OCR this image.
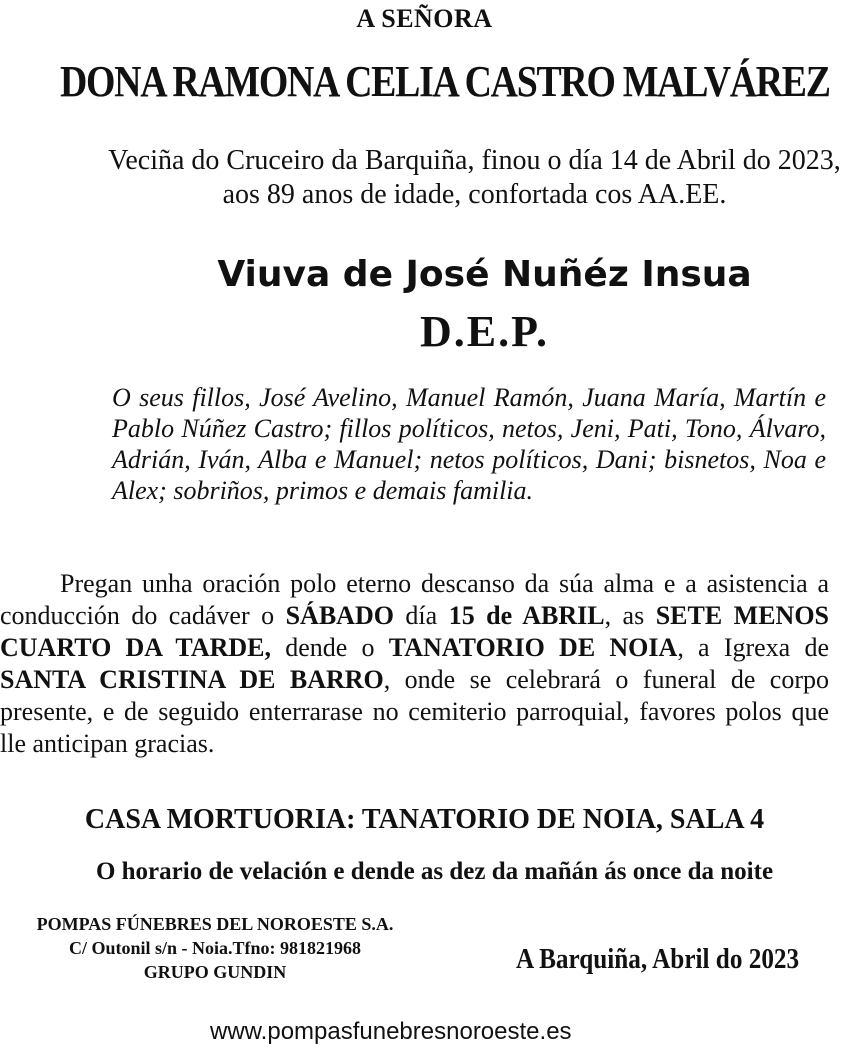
A SEÑORA
DONA RAMONA CELIA CASTRO MALVÁREZ
Veciña do Cruceiro da Barquiña, finou o día 14 de Abril do 2023,
aos 89 anos de idade, confortada cos AA.EE.
Viuva de José Nuñéz Insua
D.E.P.
O seus fillos, José Avelino, Manuel Ramón, Juana María, Martín e Pablo Núñez Castro; fillos políticos, netos, Jeni, Pati, Tono, Álvaro, Adrián, Iván, Alba e Manuel; netos políticos, Dani; bisnetos, Noa e Alex; sobriños, primos e demais familia.
Pregan unha oración polo eterno descanso da súa alma e a asistencia a conducción do cadáver o SÁBADO día 15 de ABRIL, as SETE MENOS CUARTO DA TARDE, dende o TANATORIO DE NOIA, a Igrexa de SANTA CRISTINA DE BARRO, onde se celebrará o funeral de corpo presente, e de seguido enterrarase no cemiterio parroquial, favores polos que lle anticipan gracias.
CASA MORTUORIA: TANATORIO DE NOIA, SALA 4
O horario de velación e dende as dez da mañán ás once da noite
POMPAS FÚNEBRES DEL NOROESTE S.A.
C/ Outonil s/n - Noia.Tfno: 981821968
GRUPO GUNDIN	A Barquiña, Abril do 2023
www.pompasfunebresnoroeste.es
